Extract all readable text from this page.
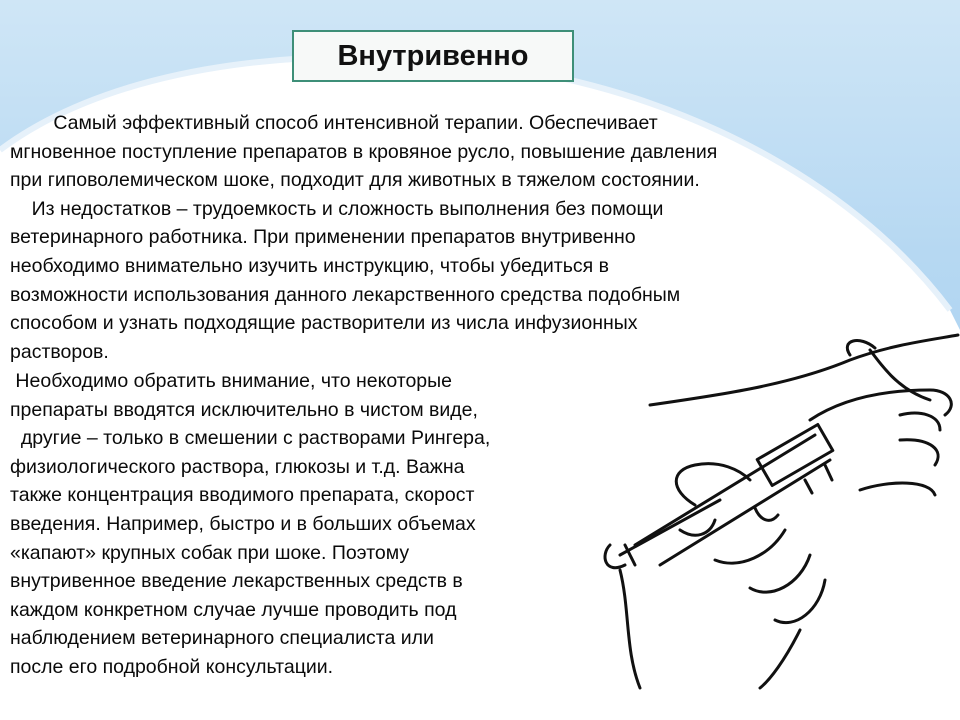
Внутривенно

Самый эффективный способ интенсивной терапии. Обеспечивает

мгновенное поступление препаратов в кровяное русло, повышение давления

при гиповолемическом шоке, подходит для животных в тяжелом состоянии.

Из недостатков – трудоемкость и сложность выполнения без помощи

ветеринарного работника. При применении препаратов внутривенно

необходимо внимательно изучить инструкцию, чтобы убедиться в

возможности использования данного лекарственного средства подобным

способом и узнать подходящие растворители из числа инфузионных

растворов.

Необходимо обратить внимание, что некоторые

препараты вводятся исключительно в чистом виде,

другие – только в смешении с растворами Рингера,

физиологического раствора, глюкозы и т.д. Важна

также концентрация вводимого препарата, скорост

введения. Например, быстро и в больших объемах

«капают» крупных собак при шоке. Поэтому

внутривенное введение лекарственных средств в

каждом конкретном случае лучше проводить под

наблюдением ветеринарного специалиста или

после его подробной консультации.
